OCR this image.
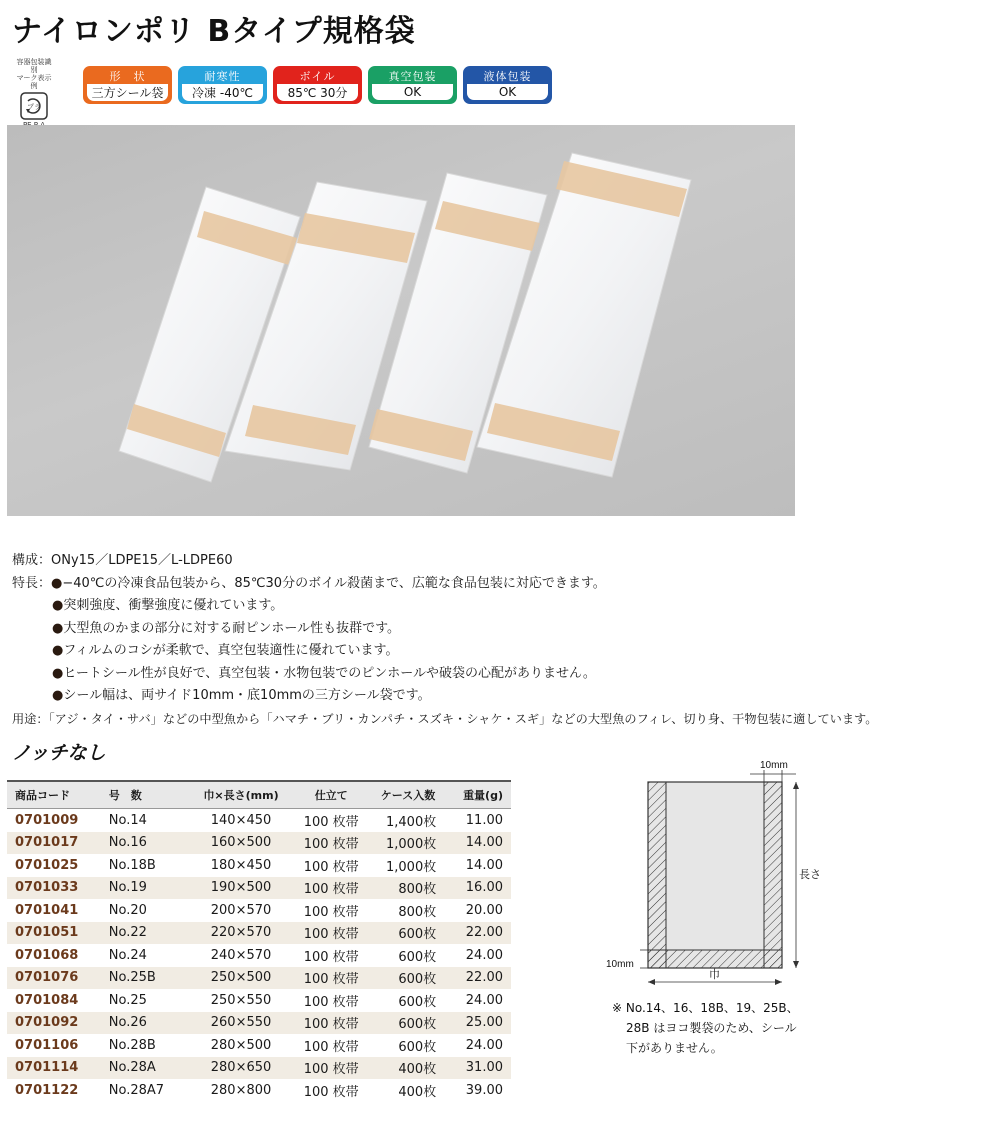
ナイロンポリ Bタイプ規格袋
容器包装識別
マーク表示例
プラ
形　状
三方シール袋
耐寒性
冷凍 -40℃
ボイル
85℃ 30分
真空包装
OK
液体包装
OK
構成：ONy15／LDPE15／L-LDPE60
特長：●−40℃の冷凍食品包装から、85℃30分のボイル殺菌まで、広範な食品包装に対応できます。
●突刺強度、衝撃強度に優れています。
●大型魚のかまの部分に対する耐ピンホール性も抜群です。
●フィルムのコシが柔軟で、真空包装適性に優れています。
●ヒートシール性が良好で、真空包装・水物包装でのピンホールや破袋の心配がありません。
●シール幅は、両サイド10mm・底10mmの三方シール袋です。
用途：「アジ・タイ・サバ」などの中型魚から「ハマチ・ブリ・カンパチ・スズキ・シャケ・スギ」などの大型魚のフィレ、切り身、干物包装に適しています。
ノッチなし
商品コード	号　数	巾×長さ(mm)	仕立て	ケース入数	重量(g)
0701009	No.14	140×450	100 枚帯	1,400枚	11.00
0701017	No.16	160×500	100 枚帯	1,000枚	14.00
0701025	No.18B	180×450	100 枚帯	1,000枚	14.00
0701033	No.19	190×500	100 枚帯	800枚	16.00
0701041	No.20	200×570	100 枚帯	800枚	20.00
0701051	No.22	220×570	100 枚帯	600枚	22.00
0701068	No.24	240×570	100 枚帯	600枚	24.00
0701076	No.25B	250×500	100 枚帯	600枚	22.00
0701084	No.25	250×550	100 枚帯	600枚	24.00
0701092	No.26	260×550	100 枚帯	600枚	25.00
0701106	No.28B	280×500	100 枚帯	600枚	24.00
0701114	No.28A	280×650	100 枚帯	400枚	31.00
0701122	No.28A7	280×800	100 枚帯	400枚	39.00
10mm
長さ
10mm
巾
※ No.14、16、18B、19、25B、
28B はヨコ製袋のため、シール
下がありません。
